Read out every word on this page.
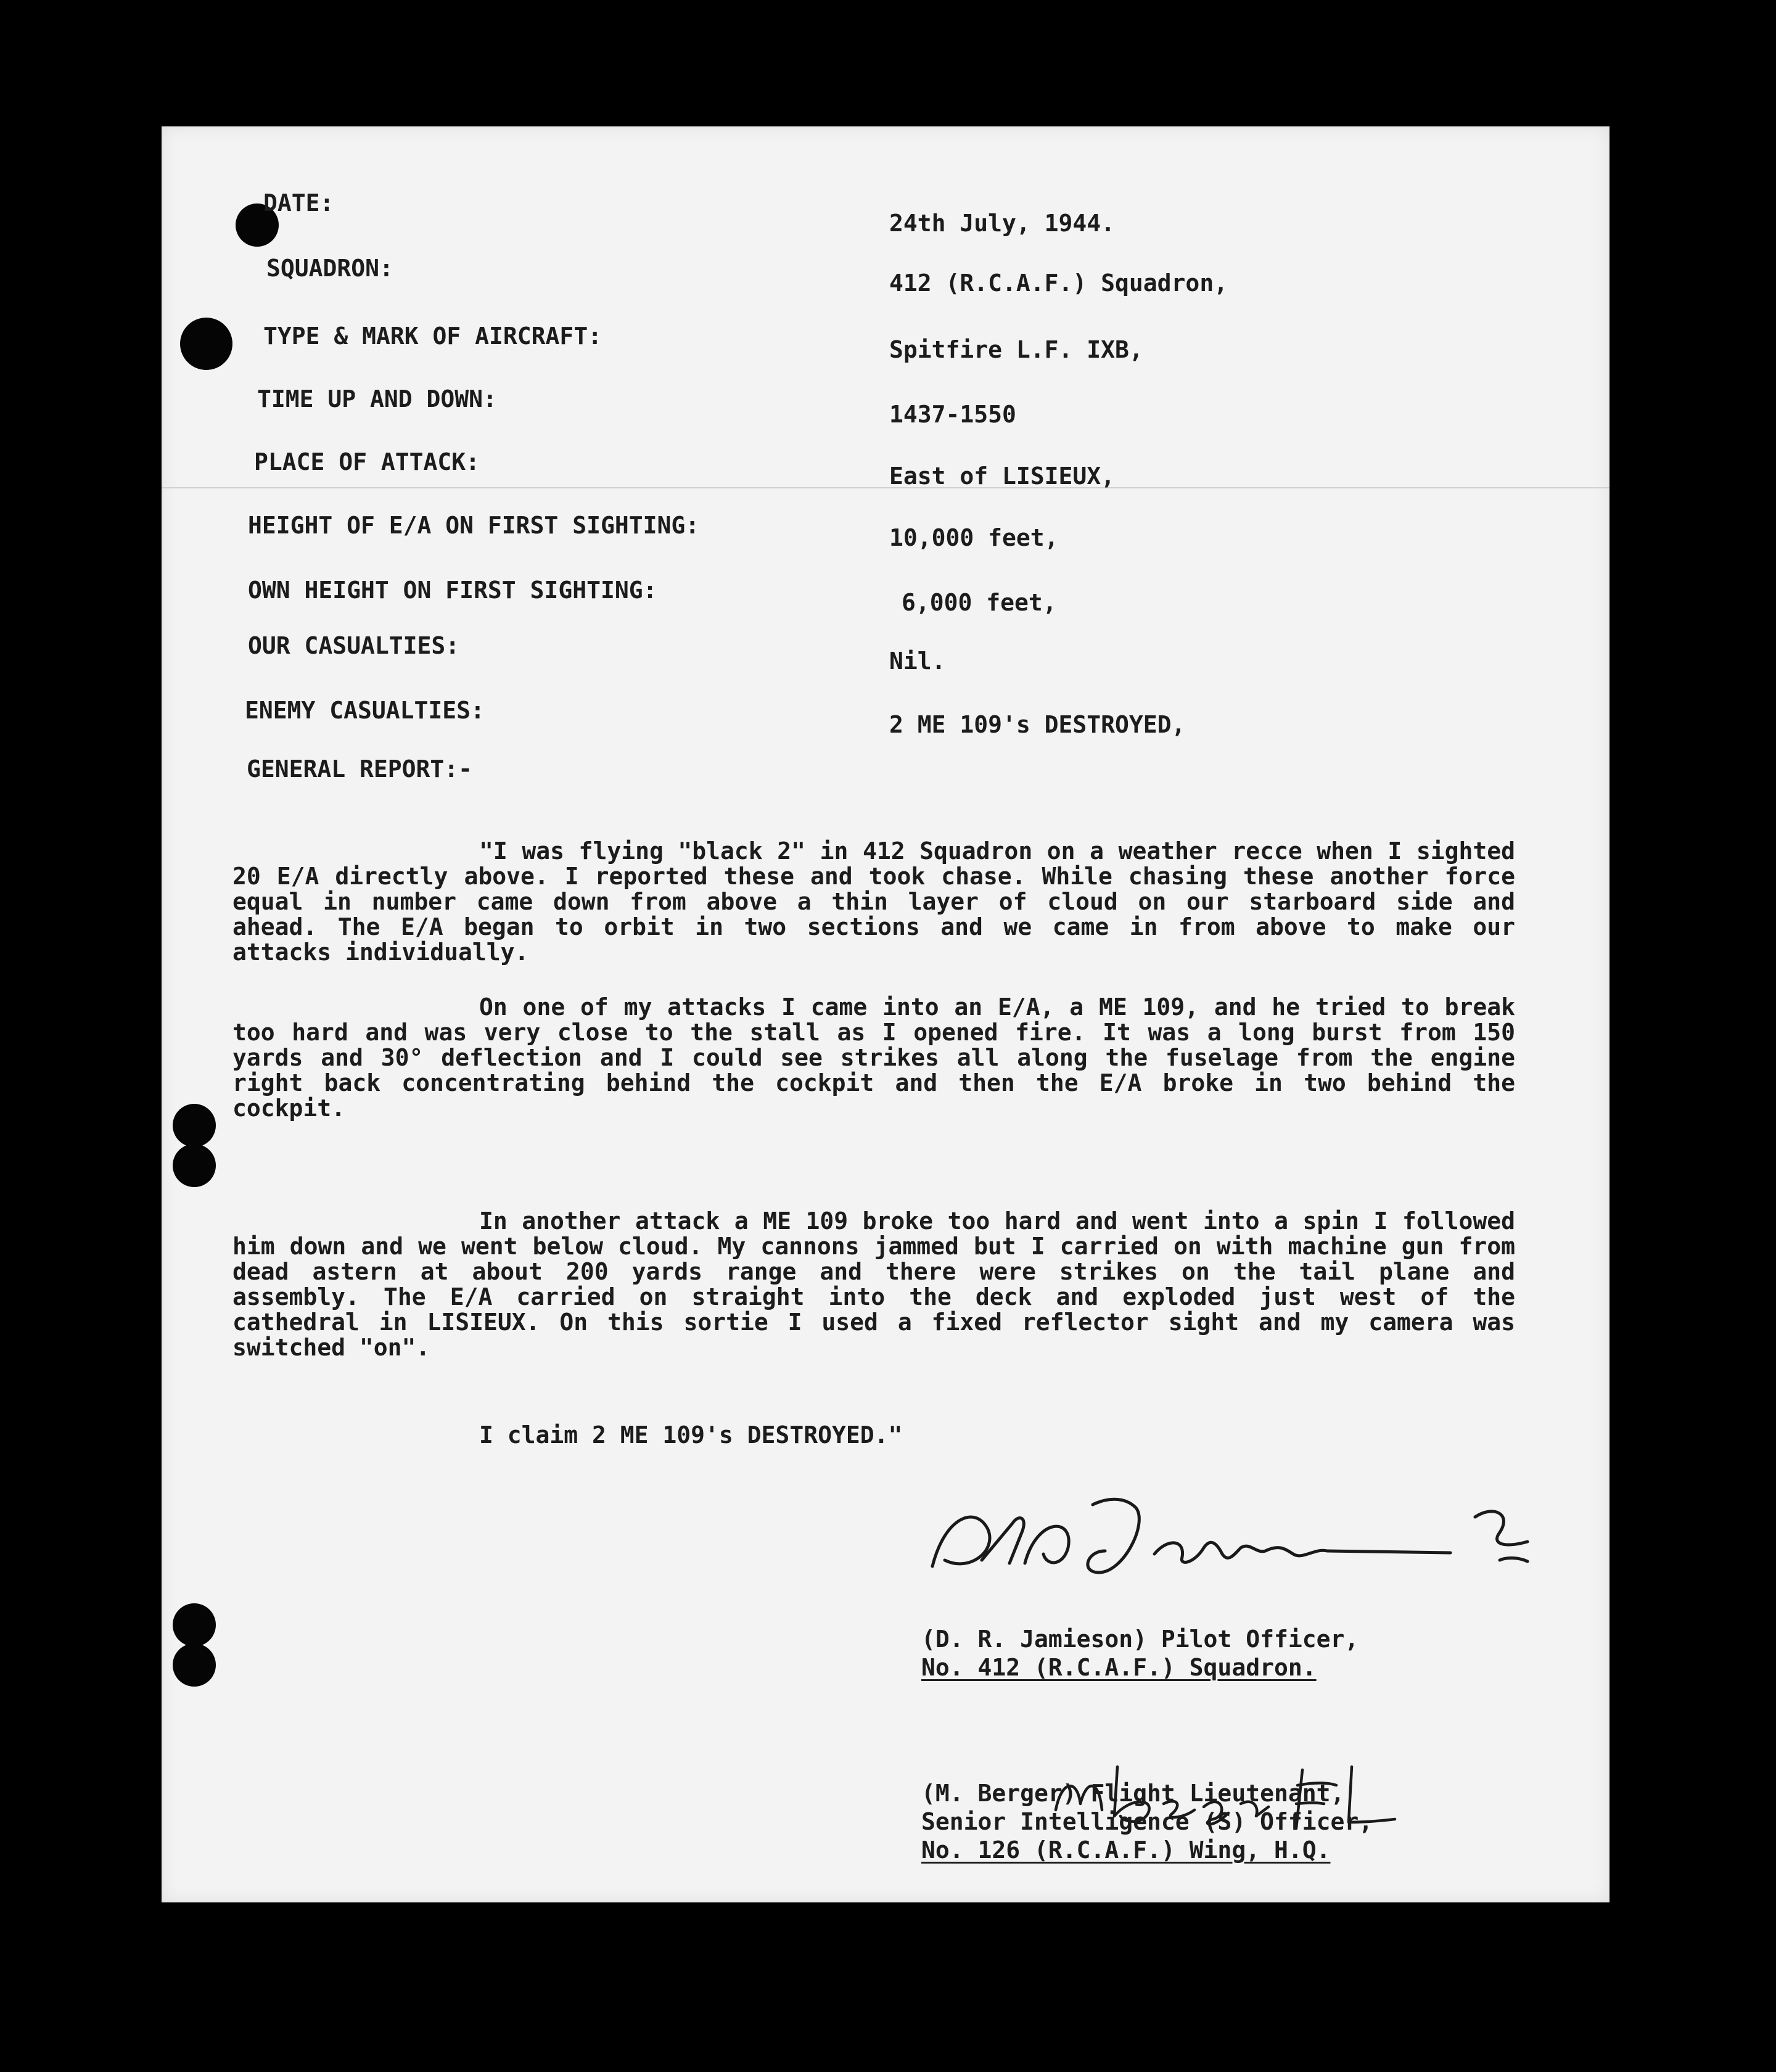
DATE:
24th July, 1944.
SQUADRON:
412 (R.C.A.F.) Squadron,
TYPE & MARK OF AIRCRAFT:	Spitfire L.F. IXB,
TIME UP AND DOWN:
1437-1550
PLACE OF ATTACK:
East of LISIEUX,
HEIGHT OF E/A ON FIRST SIGHTING:	10,000 feet,
OWN HEIGHT ON FIRST SIGHTING:	6,000 feet,
OUR CASUALTIES:
Nil.
ENEMY CASUALTIES:
2 ME 109's DESTROYED,
GENERAL REPORT:-

"I was flying "black 2" in 412 Squadron on a weather recce when I sighted 20 E/A directly above. I reported these and took chase. While chasing these another force equal in number came down from above a thin layer of cloud on our starboard side and ahead. The E/A began to orbit in two sections and we came in from above to make our attacks individually.

On one of my attacks I came into an E/A, a ME 109, and he tried to break too hard and was very close to the stall as I opened fire. It was a long burst from 150 yards and 30° deflection and I could see strikes all along the fuselage from the engine right back concentrating behind the cockpit and then the E/A broke in two behind the cockpit.

In another attack a ME 109 broke too hard and went into a spin I followed him down and we went below cloud. My cannons jammed but I carried on with machine gun from dead astern at about 200 yards range and there were strikes on the tail plane and assembly. The E/A carried on straight into the deck and exploded just west of the cathedral in LISIEUX. On this sortie I used a fixed reflector sight and my camera was switched "on".

I claim 2 ME 109's DESTROYED."
(D. R. Jamieson) Pilot Officer,
No. 412 (R.C.A.F.) Squadron.
(M. Berger) Flight Lieutenant,
Senior Intelligence (S) Officer,
No. 126 (R.C.A.F.) Wing, H.Q.
